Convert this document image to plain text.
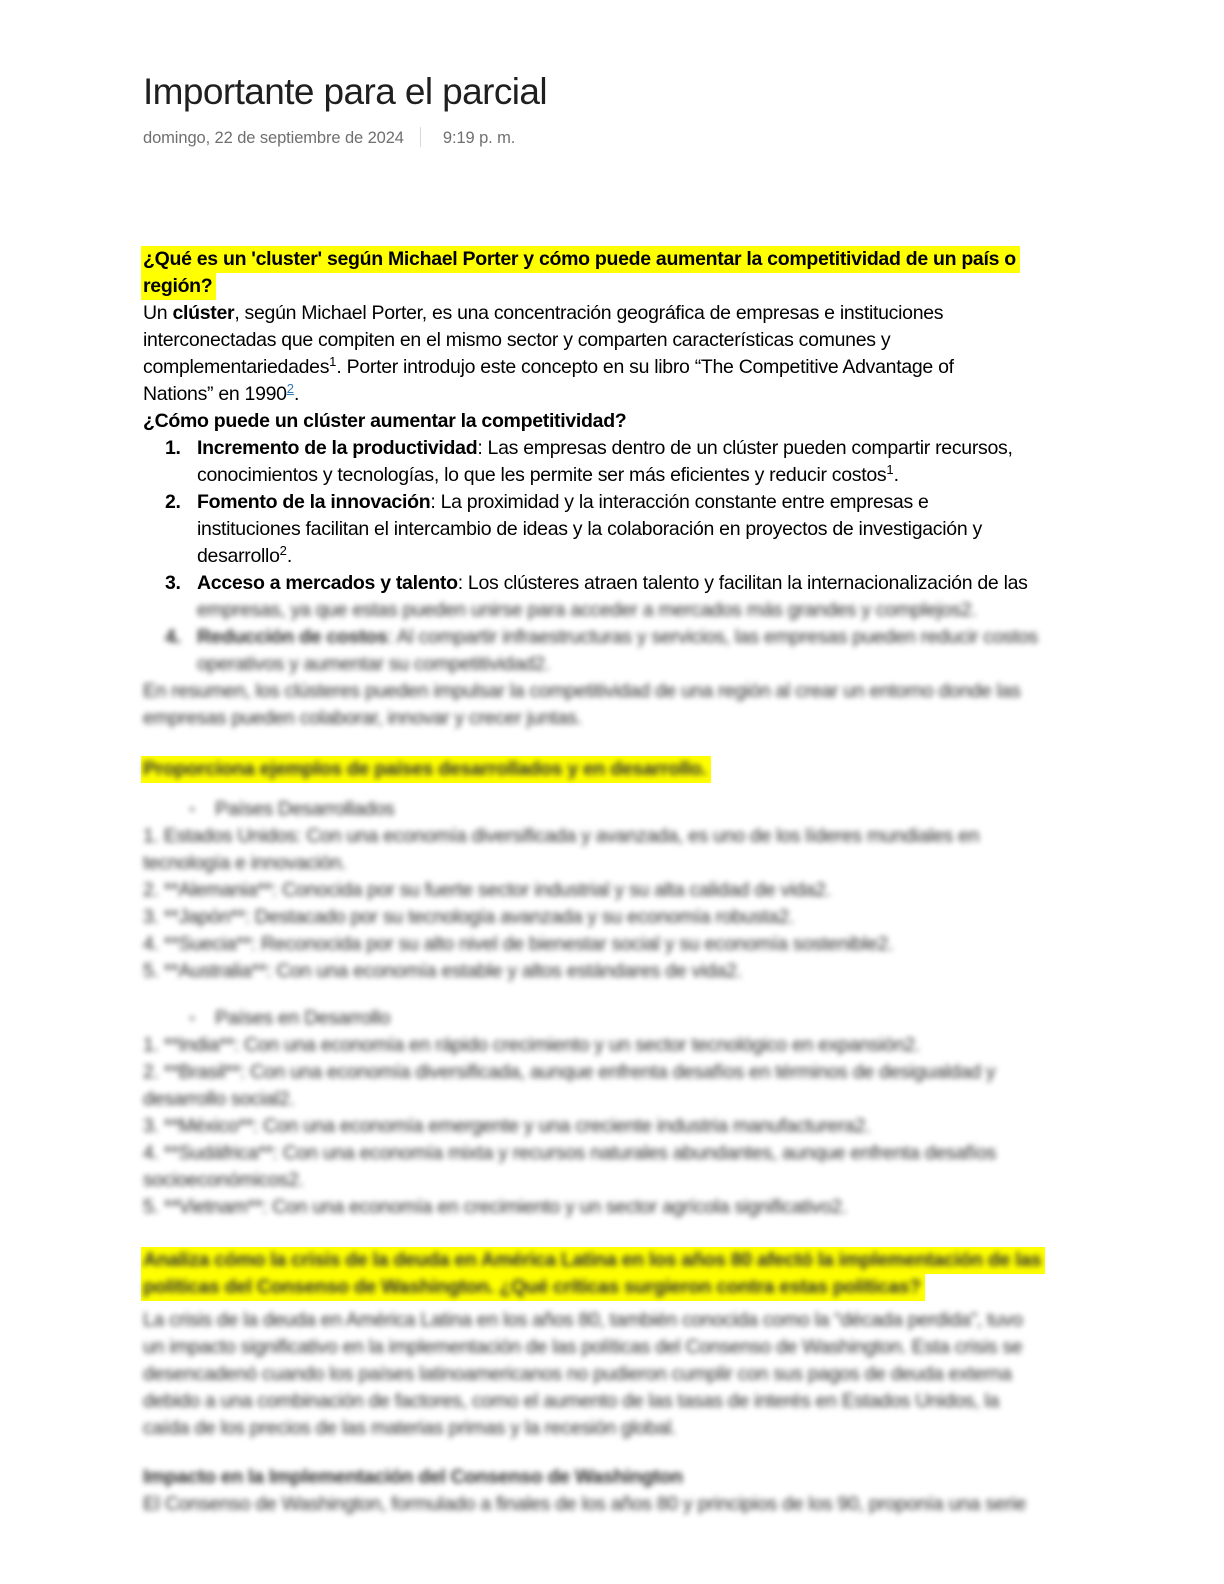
Importante para el parcial
domingo, 22 de septiembre de 2024 9:19 p. m.
¿Qué es un 'cluster' según Michael Porter y cómo puede aumentar la competitividad de un país o
región?
Un clúster, según Michael Porter, es una concentración geográfica de empresas e instituciones
interconectadas que compiten en el mismo sector y comparten características comunes y
complementariedades$^1$. Porter introdujo este concepto en su libro “The Competitive Advantage of
Nations” en 1990$^2$.
¿Cómo puede un clúster aumentar la competitividad?
1. Incremento de la productividad: Las empresas dentro de un clúster pueden compartir recursos,
conocimientos y tecnologías, lo que les permite ser más eficientes y reducir costos$^1$.
2. Fomento de la innovación: La proximidad y la interacción constante entre empresas e
instituciones facilitan el intercambio de ideas y la colaboración en proyectos de investigación y
desarrollo$^2$.
3. Acceso a mercados y talento: Los clústeres atraen talento y facilitan la internacionalización de las
empresas, ya que estas pueden unirse para acceder a mercados más grandes y complejos2.
4. Reducción de costos: Al compartir infraestructuras y servicios, las empresas pueden reducir costos
operativos y aumentar su competitividad2.
En resumen, los clústeres pueden impulsar la competitividad de una región al crear un entorno donde las
empresas pueden colaborar, innovar y crecer juntas.
Proporciona ejemplos de países desarrollados y en desarrollo.
▪ Países Desarrollados
1. Estados Unidos: Con una economía diversificada y avanzada, es uno de los líderes mundiales en
tecnología e innovación.
2. **Alemania**: Conocida por su fuerte sector industrial y su alta calidad de vida2.
3. **Japón**: Destacado por su tecnología avanzada y su economía robusta2.
4. **Suecia**: Reconocida por su alto nivel de bienestar social y su economía sostenible2.
5. **Australia**: Con una economía estable y altos estándares de vida2.
▪ Países en Desarrollo
1. **India**: Con una economía en rápido crecimiento y un sector tecnológico en expansión2.
2. **Brasil**: Con una economía diversificada, aunque enfrenta desafíos en términos de desigualdad y
desarrollo social2.
3. **México**: Con una economía emergente y una creciente industria manufacturera2.
4. **Sudáfrica**: Con una economía mixta y recursos naturales abundantes, aunque enfrenta desafíos
socioeconómicos2.
5. **Vietnam**: Con una economía en crecimiento y un sector agrícola significativo2.
Analiza cómo la crisis de la deuda en América Latina en los años 80 afectó la implementación de las
políticas del Consenso de Washington. ¿Qué críticas surgieron contra estas políticas?
La crisis de la deuda en América Latina en los años 80, también conocida como la “década perdida”, tuvo
un impacto significativo en la implementación de las políticas del Consenso de Washington. Esta crisis se
desencadenó cuando los países latinoamericanos no pudieron cumplir con sus pagos de deuda externa
debido a una combinación de factores, como el aumento de las tasas de interés en Estados Unidos, la
caída de los precios de las materias primas y la recesión global.
Impacto en la Implementación del Consenso de Washington
El Consenso de Washington, formulado a finales de los años 80 y principios de los 90, proponía una serie
